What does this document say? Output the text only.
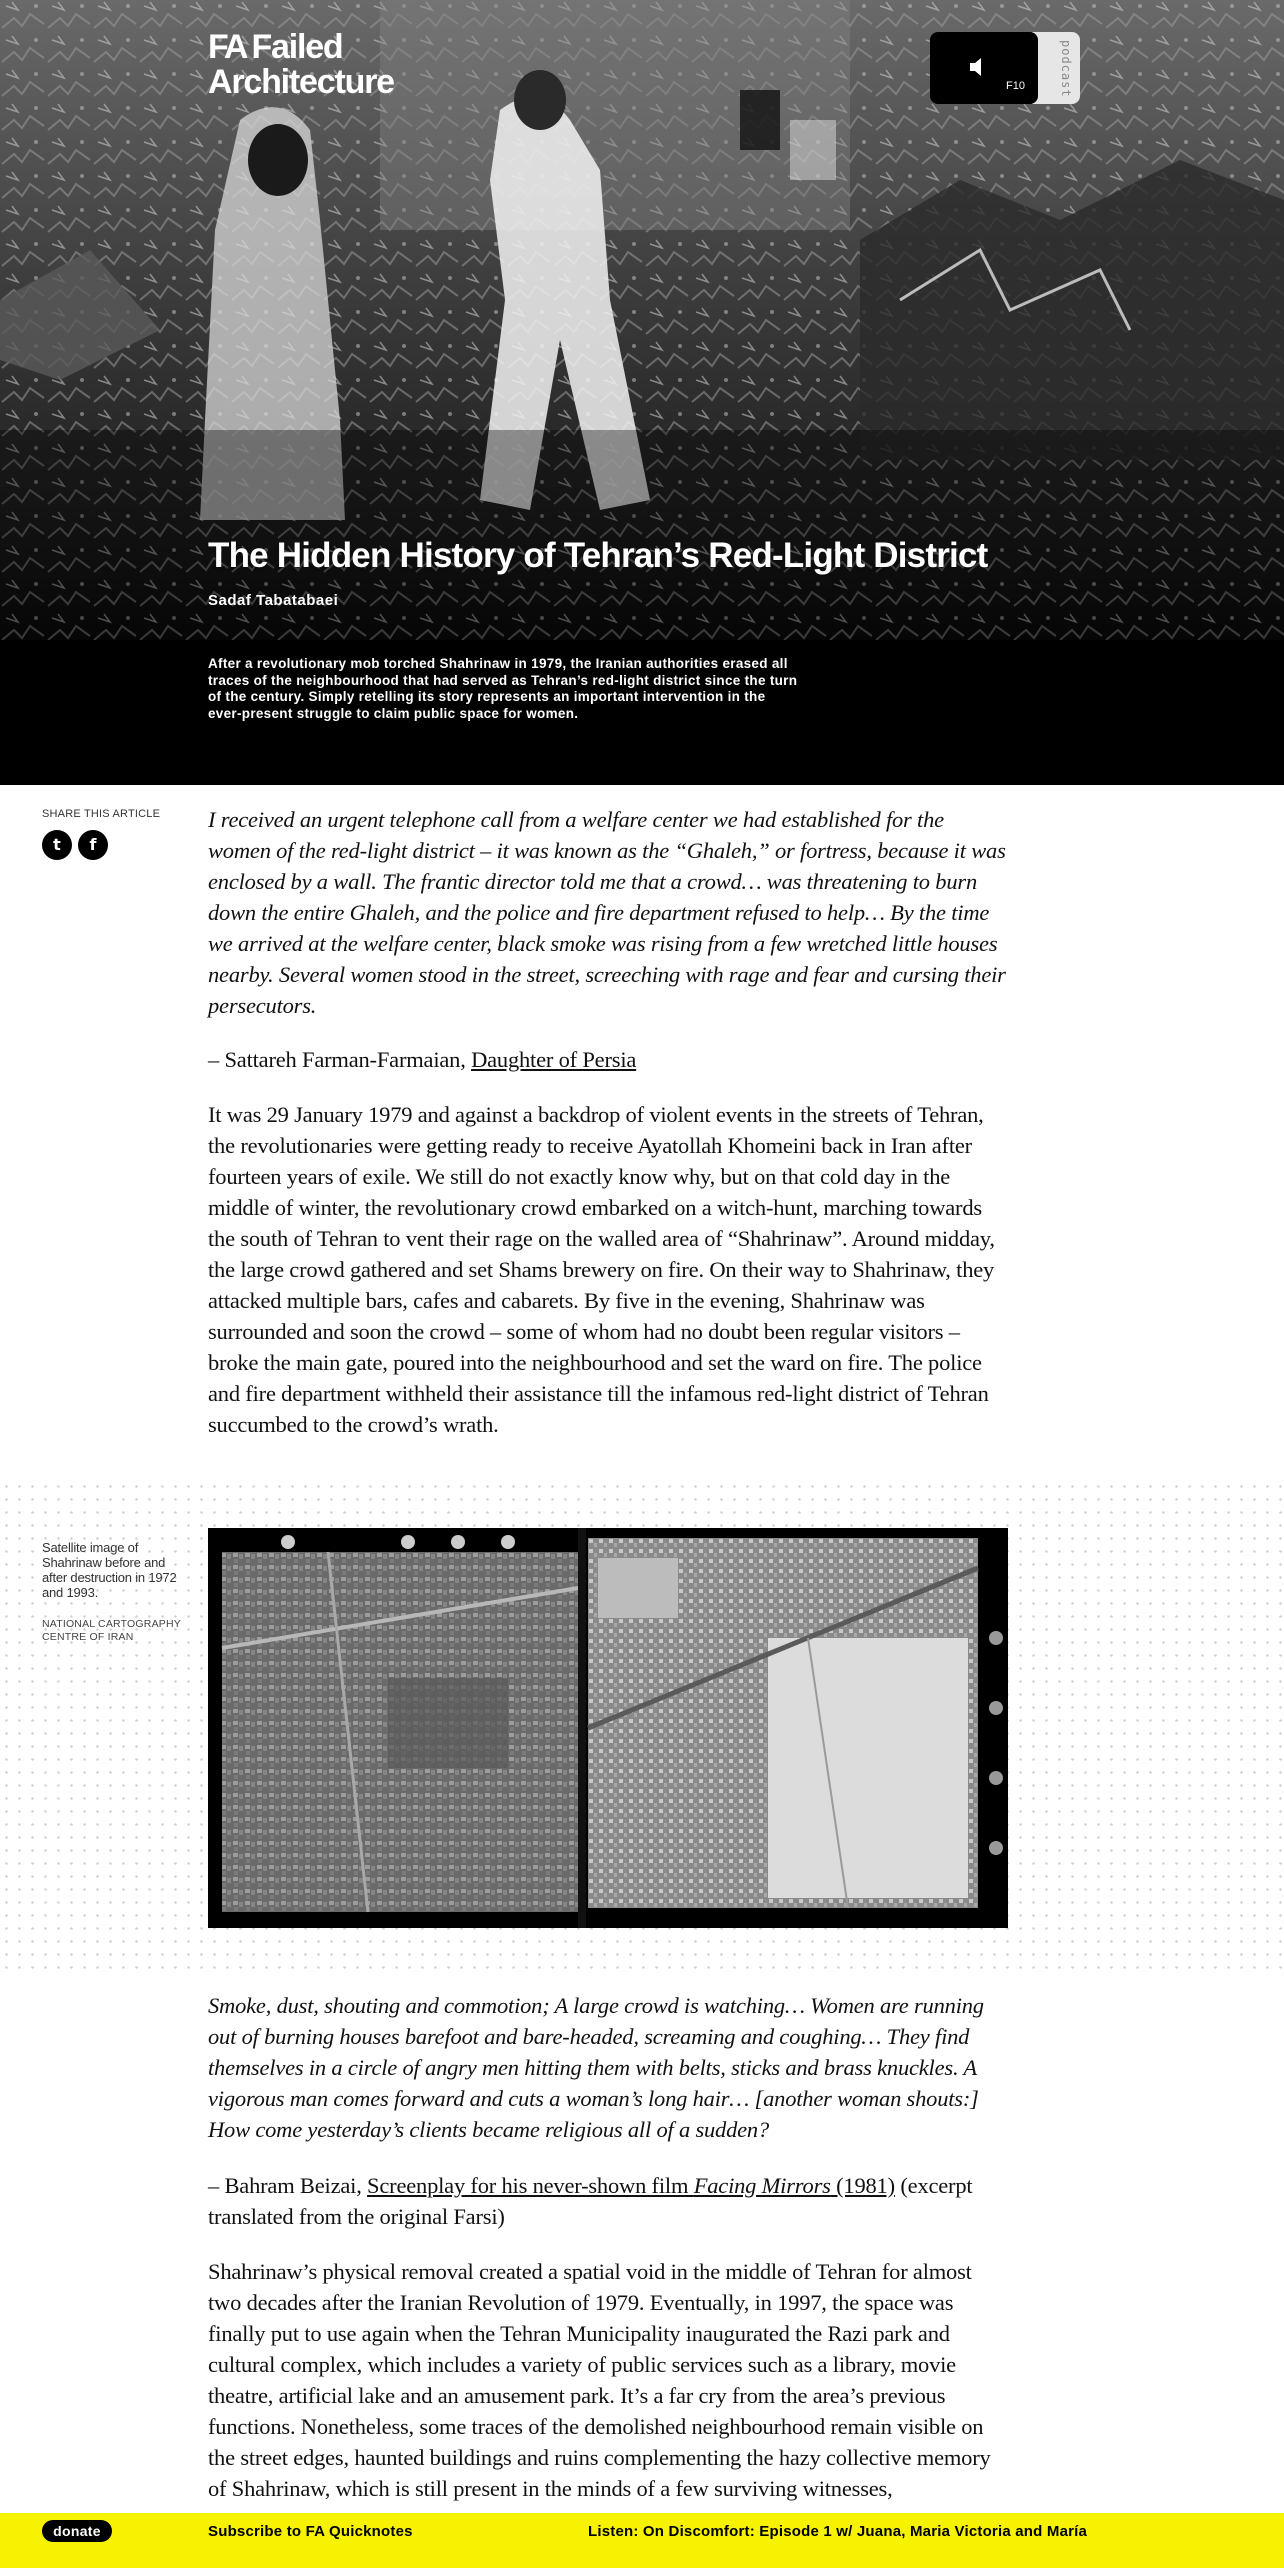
FA Failed
Architecture	podcast
F10
The Hidden History of Tehran’s Red-Light District
Sadaf Tabatabaei

After a revolutionary mob torched Shahrinaw in 1979, the Iranian authorities erased all traces of the neighbourhood that had served as Tehran’s red-light district since the turn of the century. Simply retelling its story represents an important intervention in the ever-present struggle to claim public space for women.

SHARE THIS ARTICLE
t	f

I received an urgent telephone call from a welfare center we had established for the women of the red-light district – it was known as the “Ghaleh,” or fortress, because it was enclosed by a wall. The frantic director told me that a crowd… was threatening to burn down the entire Ghaleh, and the police and fire department refused to help… By the time we arrived at the welfare center, black smoke was rising from a few wretched little houses nearby. Several women stood in the street, screeching with rage and fear and cursing their persecutors.

– Sattareh Farman-Farmaian, Daughter of Persia

It was 29 January 1979 and against a backdrop of violent events in the streets of Tehran, the revolutionaries were getting ready to receive Ayatollah Khomeini back in Iran after fourteen years of exile. We still do not exactly know why, but on that cold day in the middle of winter, the revolutionary crowd embarked on a witch-hunt, marching towards the south of Tehran to vent their rage on the walled area of “Shahrinaw”. Around midday, the large crowd gathered and set Shams brewery on fire. On their way to Shahrinaw, they attacked multiple bars, cafes and cabarets. By five in the evening, Shahrinaw was surrounded and soon the crowd – some of whom had no doubt been regular visitors – broke the main gate, poured into the neighbourhood and set the ward on fire. The police and fire department withheld their assistance till the infamous red-light district of Tehran succumbed to the crowd’s wrath.

Satellite image of Shahrinaw before and after destruction in 1972 and 1993.

NATIONAL CARTOGRAPHY CENTRE OF IRAN

Smoke, dust, shouting and commotion; A large crowd is watching… Women are running out of burning houses barefoot and bare-headed, screaming and coughing… They find themselves in a circle of angry men hitting them with belts, sticks and brass knuckles. A vigorous man comes forward and cuts a woman’s long hair… [another woman shouts:] How come yesterday’s clients became religious all of a sudden?

– Bahram Beizai, Screenplay for his never-shown film Facing Mirrors (1981) (excerpt translated from the original Farsi)

Shahrinaw’s physical removal created a spatial void in the middle of Tehran for almost two decades after the Iranian Revolution of 1979. Eventually, in 1997, the space was finally put to use again when the Tehran Municipality inaugurated the Razi park and cultural complex, which includes a variety of public services such as a library, movie theatre, artificial lake and an amusement park. It’s a far cry from the area’s previous functions. Nonetheless, some traces of the demolished neighbourhood remain visible on the street edges, haunted buildings and ruins complementing the hazy collective memory of Shahrinaw, which is still present in the minds of a few surviving witnesses,

donate	Subscribe to FA Quicknotes	Listen: On Discomfort: Episode 1 w/ Juana, Maria Victoria and María
